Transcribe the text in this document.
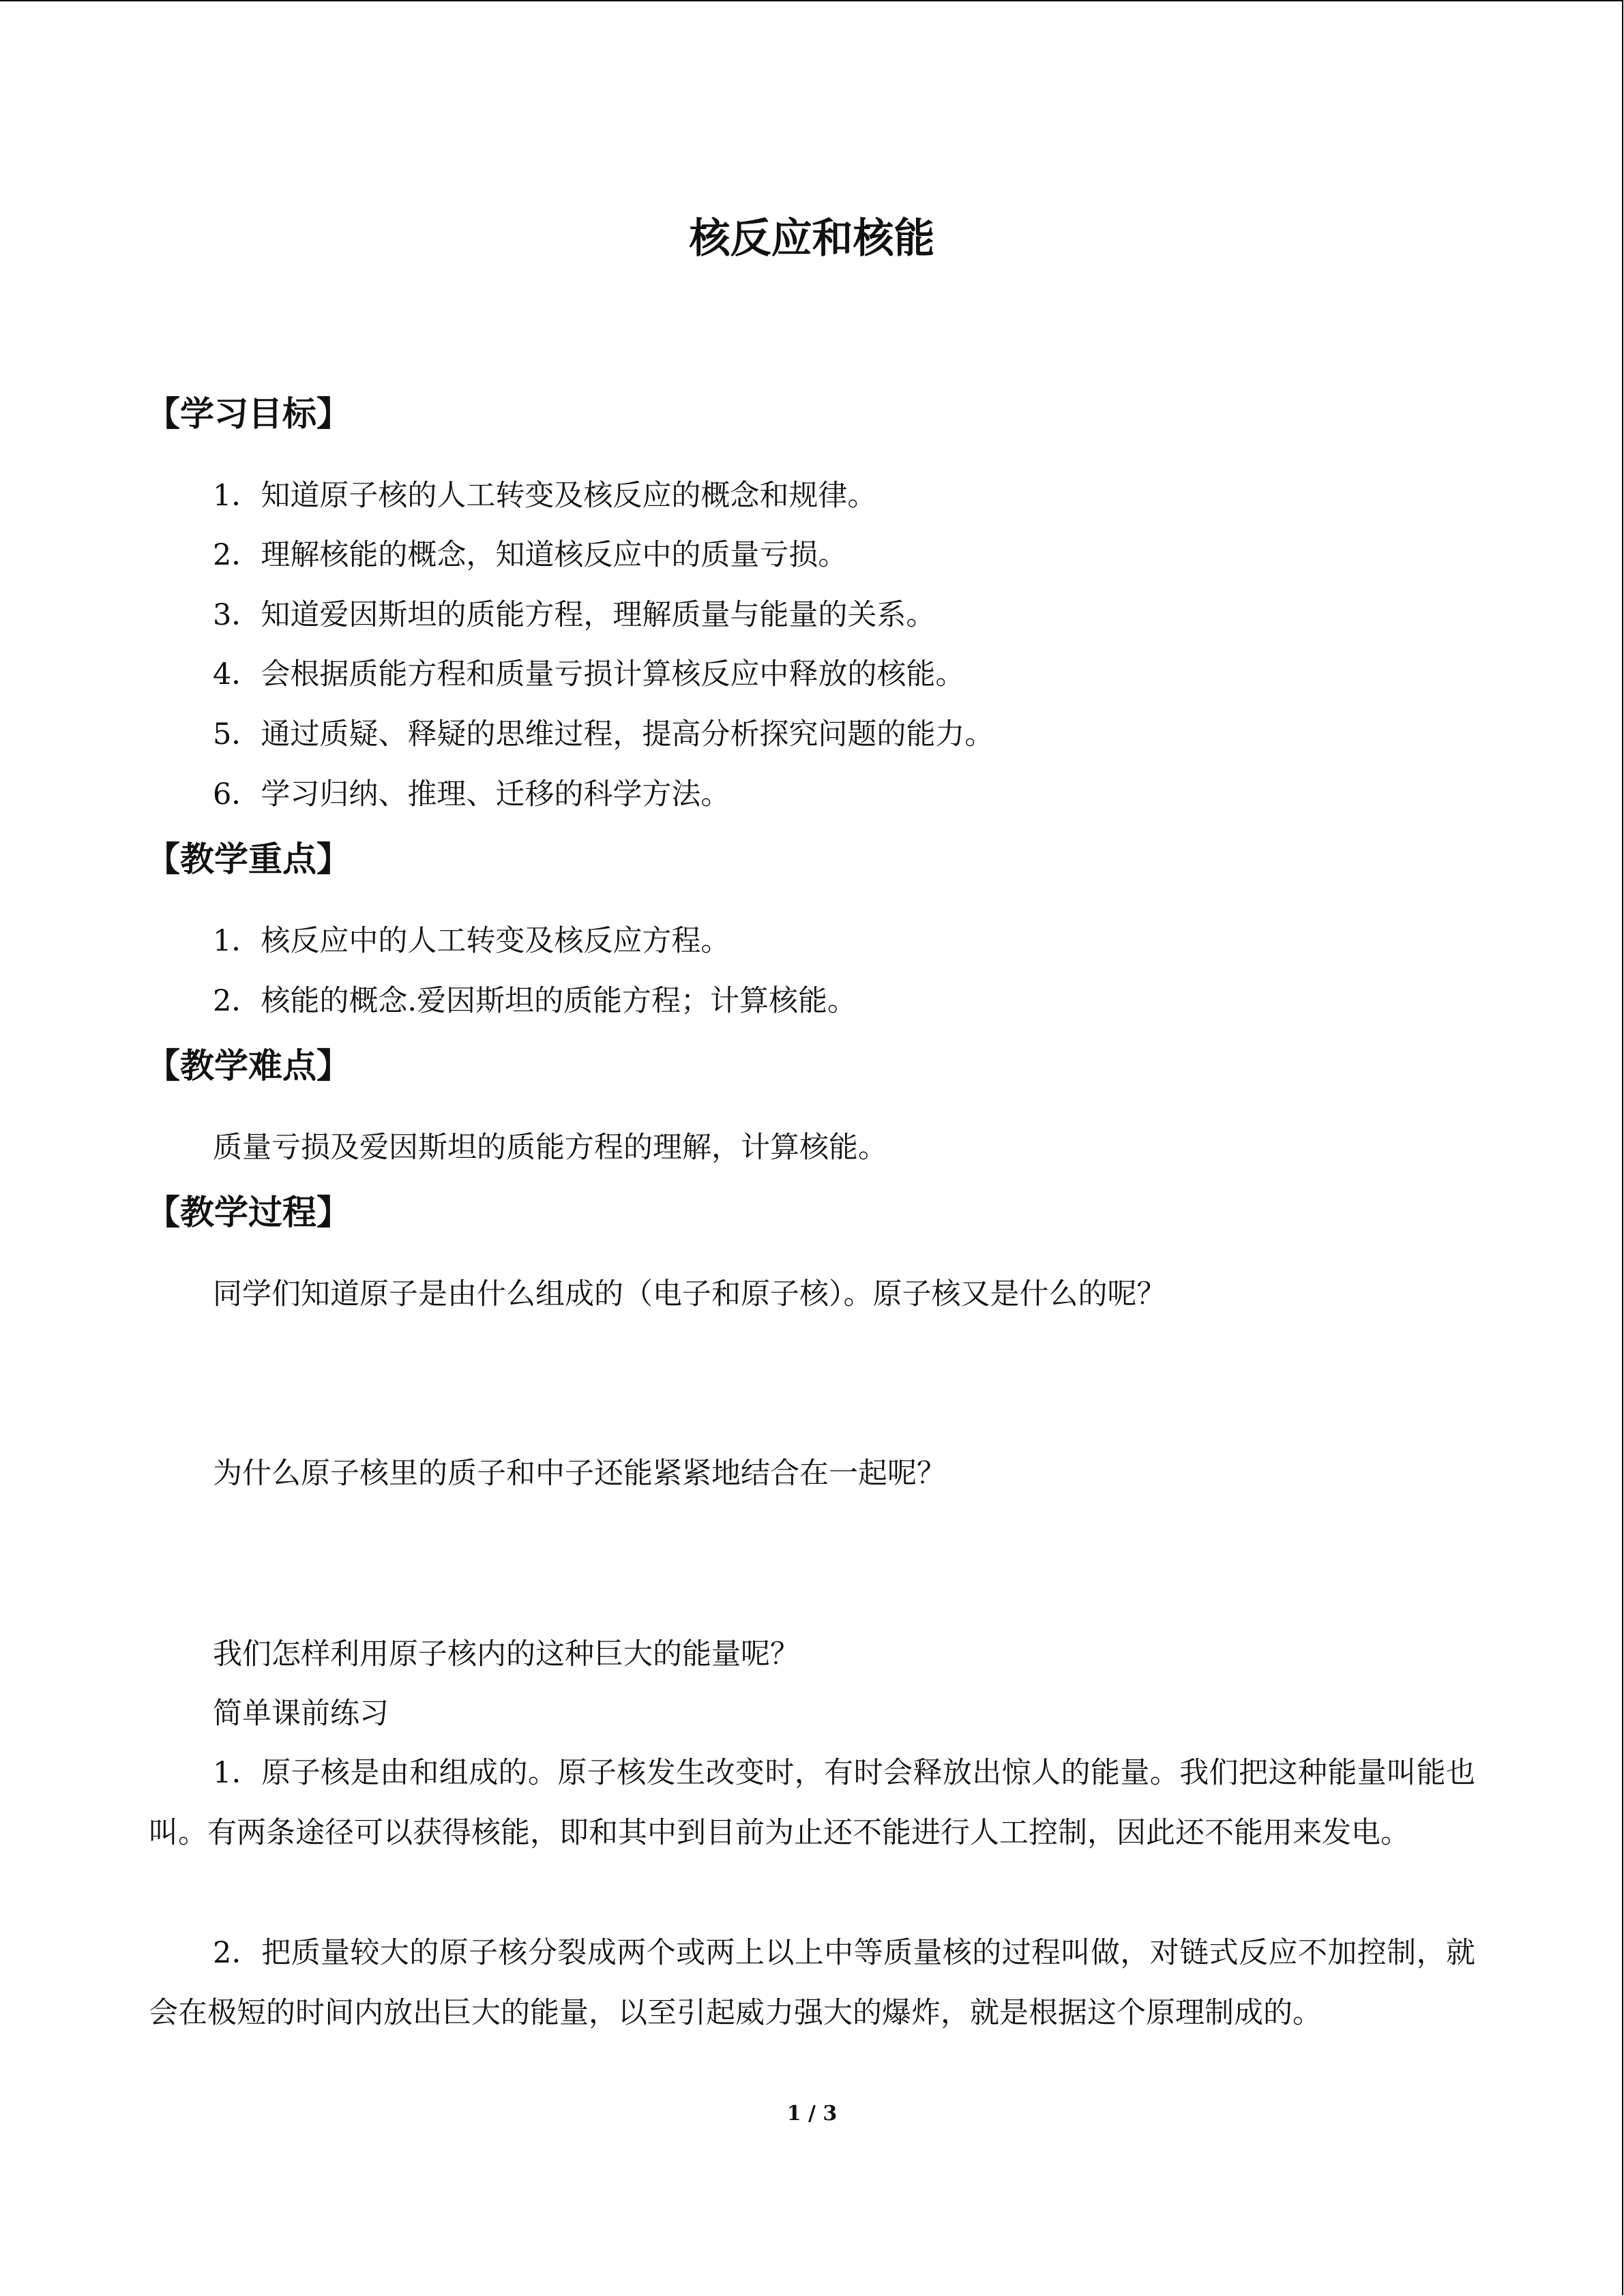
核反应和核能
【学习目标】

1．知道原子核的人工转变及核反应的概念和规律。

2．理解核能的概念，知道核反应中的质量亏损。

3．知道爱因斯坦的质能方程，理解质量与能量的关系。

4．会根据质能方程和质量亏损计算核反应中释放的核能。

5．通过质疑、释疑的思维过程，提高分析探究问题的能力。

6．学习归纳、推理、迁移的科学方法。

【教学重点】

1．核反应中的人工转变及核反应方程。

2．核能的概念.爱因斯坦的质能方程；计算核能。

【教学难点】

质量亏损及爱因斯坦的质能方程的理解，计算核能。

【教学过程】

同学们知道原子是由什么组成的（电子和原子核）。原子核又是什么的呢？

为什么原子核里的质子和中子还能紧紧地结合在一起呢？

我们怎样利用原子核内的这种巨大的能量呢？

简单课前练习

1．原子核是由和组成的。原子核发生改变时，有时会释放出惊人的能量。我们把这种能量叫能也叫。有两条途径可以获得核能，即和其中到目前为止还不能进行人工控制，因此还不能用来发电。

2．把质量较大的原子核分裂成两个或两上以上中等质量核的过程叫做，对链式反应不加控制，就会在极短的时间内放出巨大的能量，以至引起威力强大的爆炸，就是根据这个原理制成的。

1 / 3
